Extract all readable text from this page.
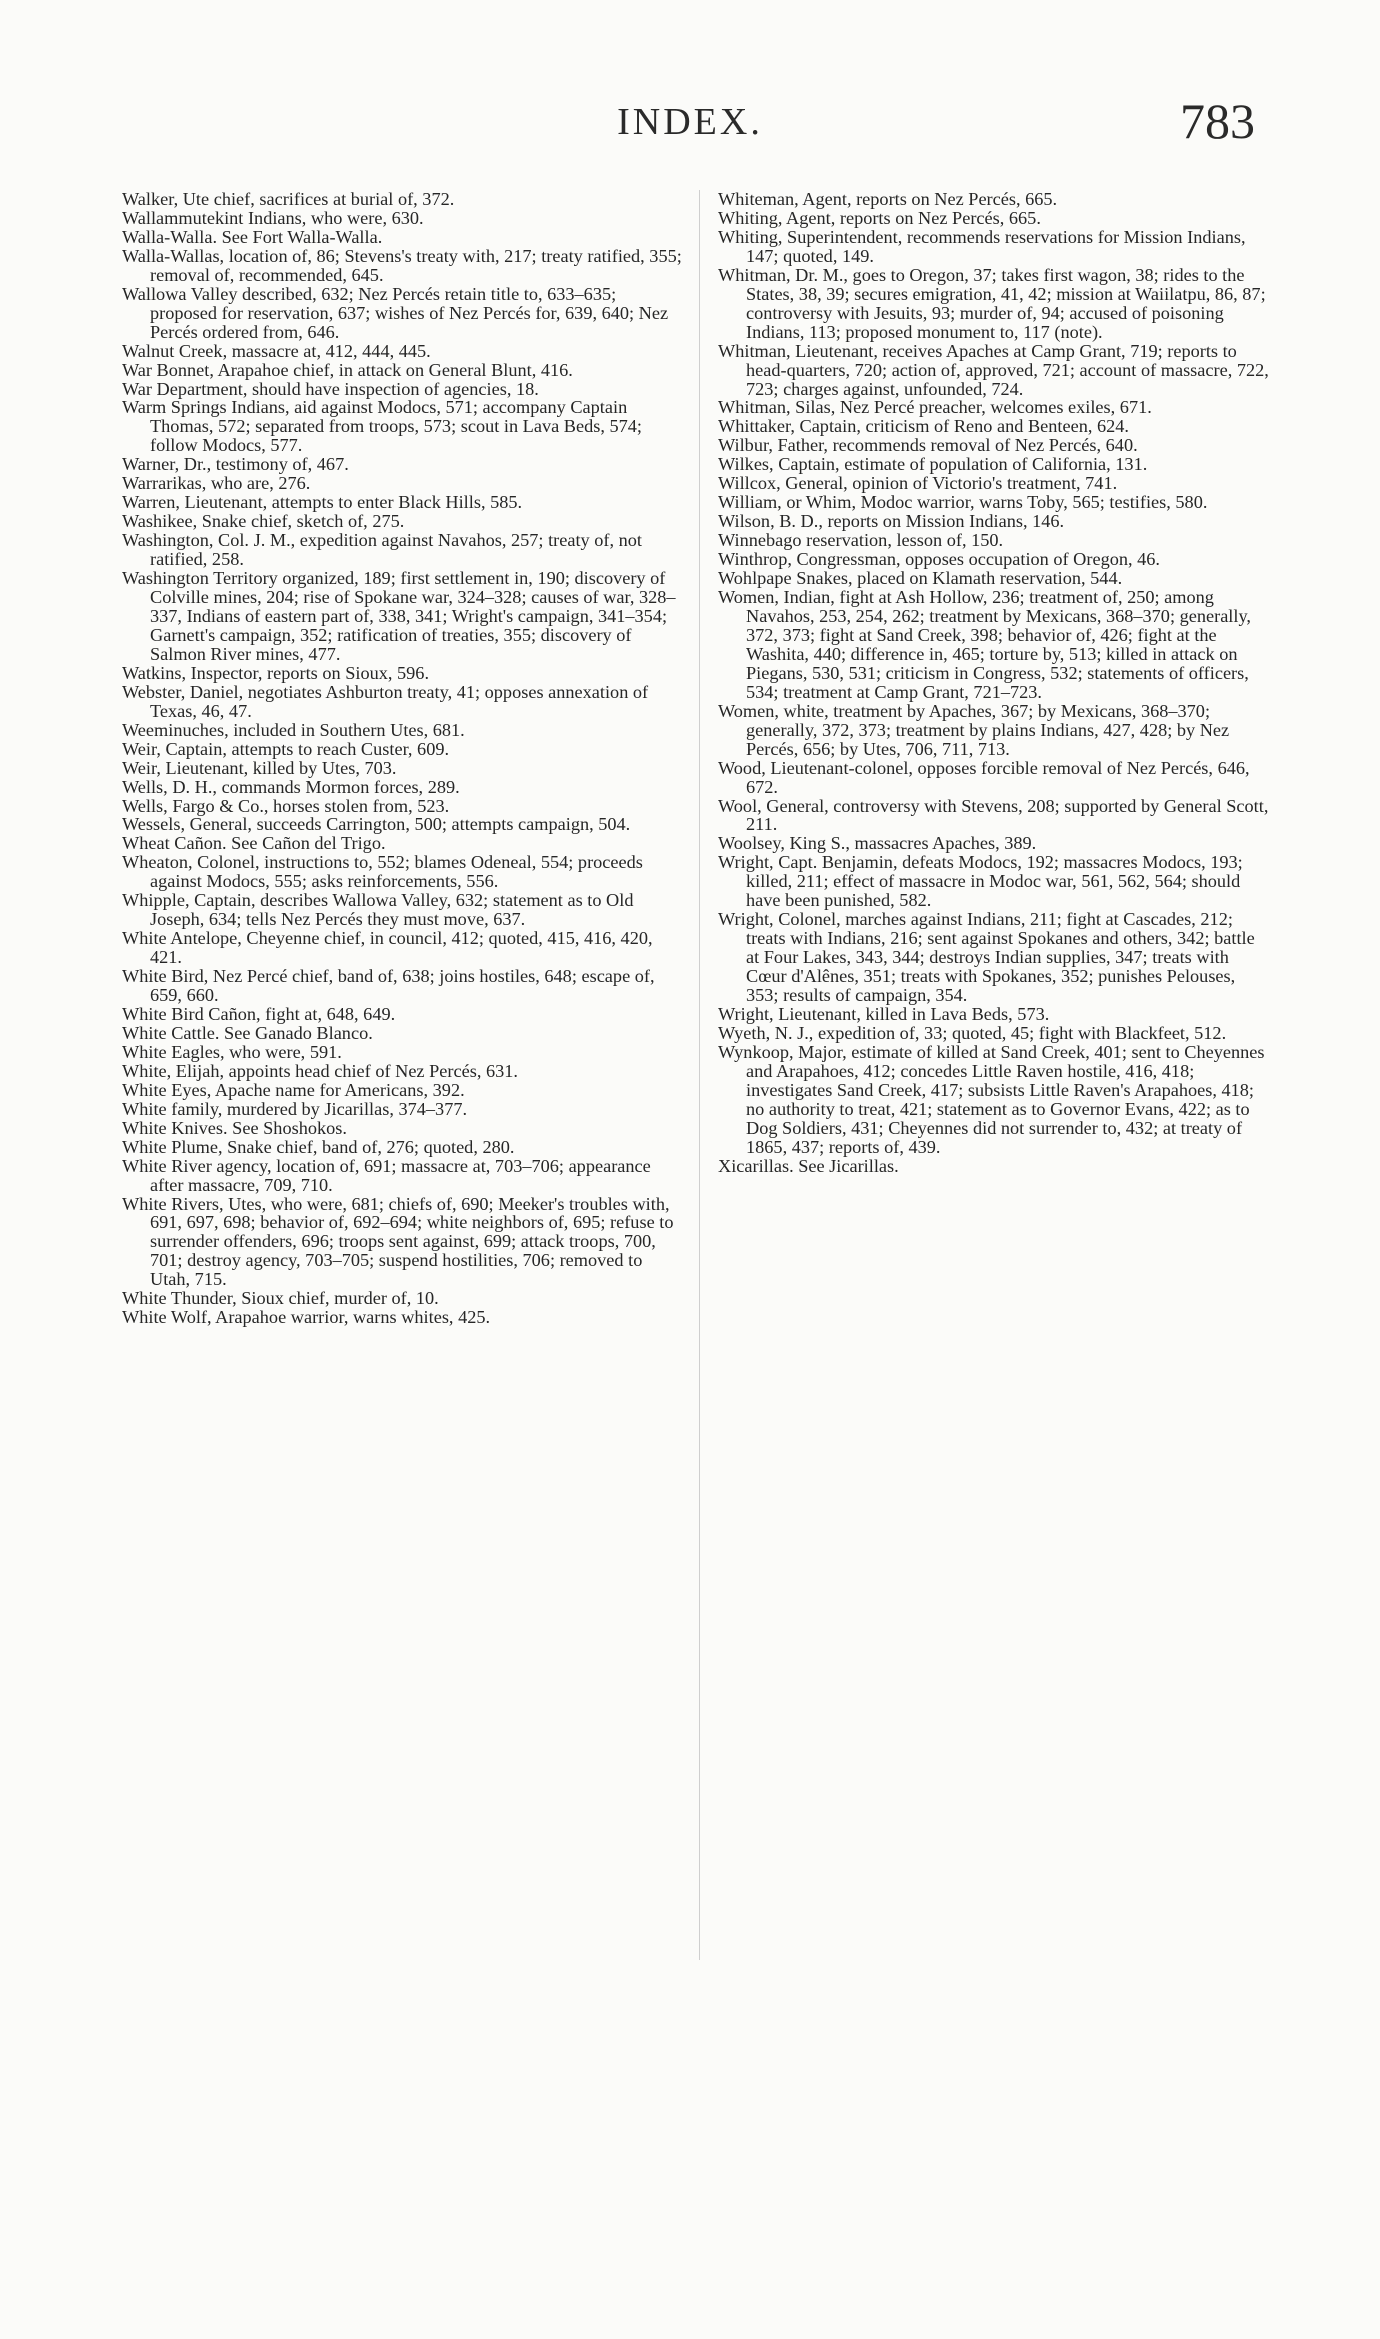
INDEX.	783

Walker, Ute chief, sacrifices at burial of, 372.

Wallammutekint Indians, who were, 630.

Walla-Walla. See Fort Walla-Walla.

Walla-Wallas, location of, 86; Stevens's treaty with, 217; treaty ratified, 355; removal of, recommended, 645.

Wallowa Valley described, 632; Nez Percés retain title to, 633–635; proposed for reservation, 637; wishes of Nez Percés for, 639, 640; Nez Percés ordered from, 646.

Walnut Creek, massacre at, 412, 444, 445.

War Bonnet, Arapahoe chief, in attack on General Blunt, 416.

War Department, should have inspection of agencies, 18.

Warm Springs Indians, aid against Modocs, 571; accompany Captain Thomas, 572; separated from troops, 573; scout in Lava Beds, 574; follow Modocs, 577.

Warner, Dr., testimony of, 467.

Warrarikas, who are, 276.

Warren, Lieutenant, attempts to enter Black Hills, 585.

Washikee, Snake chief, sketch of, 275.

Washington, Col. J. M., expedition against Navahos, 257; treaty of, not ratified, 258.

Washington Territory organized, 189; first settlement in, 190; discovery of Colville mines, 204; rise of Spokane war, 324–328; causes of war, 328–337, Indians of eastern part of, 338, 341; Wright's campaign, 341–354; Garnett's campaign, 352; ratification of treaties, 355; discovery of Salmon River mines, 477.

Watkins, Inspector, reports on Sioux, 596.

Webster, Daniel, negotiates Ashburton treaty, 41; opposes annexation of Texas, 46, 47.

Weeminuches, included in Southern Utes, 681.

Weir, Captain, attempts to reach Custer, 609.

Weir, Lieutenant, killed by Utes, 703.

Wells, D. H., commands Mormon forces, 289.

Wells, Fargo & Co., horses stolen from, 523.

Wessels, General, succeeds Carrington, 500; attempts campaign, 504.

Wheat Cañon. See Cañon del Trigo.

Wheaton, Colonel, instructions to, 552; blames Odeneal, 554; proceeds against Modocs, 555; asks reinforcements, 556.

Whipple, Captain, describes Wallowa Valley, 632; statement as to Old Joseph, 634; tells Nez Percés they must move, 637.

White Antelope, Cheyenne chief, in council, 412; quoted, 415, 416, 420, 421.

White Bird, Nez Percé chief, band of, 638; joins hostiles, 648; escape of, 659, 660.

White Bird Cañon, fight at, 648, 649.

White Cattle. See Ganado Blanco.

White Eagles, who were, 591.

White, Elijah, appoints head chief of Nez Percés, 631.

White Eyes, Apache name for Americans, 392.

White family, murdered by Jicarillas, 374–377.

White Knives. See Shoshokos.

White Plume, Snake chief, band of, 276; quoted, 280.

White River agency, location of, 691; massacre at, 703–706; appearance after massacre, 709, 710.

White Rivers, Utes, who were, 681; chiefs of, 690; Meeker's troubles with, 691, 697, 698; behavior of, 692–694; white neighbors of, 695; refuse to surrender offenders, 696; troops sent against, 699; attack troops, 700, 701; destroy agency, 703–705; suspend hostilities, 706; removed to Utah, 715.

White Thunder, Sioux chief, murder of, 10.

White Wolf, Arapahoe warrior, warns whites, 425.

Whiteman, Agent, reports on Nez Percés, 665.

Whiting, Agent, reports on Nez Percés, 665.

Whiting, Superintendent, recommends reservations for Mission Indians, 147; quoted, 149.

Whitman, Dr. M., goes to Oregon, 37; takes first wagon, 38; rides to the States, 38, 39; secures emigration, 41, 42; mission at Waiilatpu, 86, 87; controversy with Jesuits, 93; murder of, 94; accused of poisoning Indians, 113; proposed monument to, 117 (note).

Whitman, Lieutenant, receives Apaches at Camp Grant, 719; reports to head-quarters, 720; action of, approved, 721; account of massacre, 722, 723; charges against, unfounded, 724.

Whitman, Silas, Nez Percé preacher, welcomes exiles, 671.

Whittaker, Captain, criticism of Reno and Benteen, 624.

Wilbur, Father, recommends removal of Nez Percés, 640.

Wilkes, Captain, estimate of population of California, 131.

Willcox, General, opinion of Victorio's treatment, 741.

William, or Whim, Modoc warrior, warns Toby, 565; testifies, 580.

Wilson, B. D., reports on Mission Indians, 146.

Winnebago reservation, lesson of, 150.

Winthrop, Congressman, opposes occupation of Oregon, 46.

Wohlpape Snakes, placed on Klamath reservation, 544.

Women, Indian, fight at Ash Hollow, 236; treatment of, 250; among Navahos, 253, 254, 262; treatment by Mexicans, 368–370; generally, 372, 373; fight at Sand Creek, 398; behavior of, 426; fight at the Washita, 440; difference in, 465; torture by, 513; killed in attack on Piegans, 530, 531; criticism in Congress, 532; statements of officers, 534; treatment at Camp Grant, 721–723.

Women, white, treatment by Apaches, 367; by Mexicans, 368–370; generally, 372, 373; treatment by plains Indians, 427, 428; by Nez Percés, 656; by Utes, 706, 711, 713.

Wood, Lieutenant-colonel, opposes forcible removal of Nez Percés, 646, 672.

Wool, General, controversy with Stevens, 208; supported by General Scott, 211.

Woolsey, King S., massacres Apaches, 389.

Wright, Capt. Benjamin, defeats Modocs, 192; massacres Modocs, 193; killed, 211; effect of massacre in Modoc war, 561, 562, 564; should have been punished, 582.

Wright, Colonel, marches against Indians, 211; fight at Cascades, 212; treats with Indians, 216; sent against Spokanes and others, 342; battle at Four Lakes, 343, 344; destroys Indian supplies, 347; treats with Cœur d'Alênes, 351; treats with Spokanes, 352; punishes Pelouses, 353; results of campaign, 354.

Wright, Lieutenant, killed in Lava Beds, 573.

Wyeth, N. J., expedition of, 33; quoted, 45; fight with Blackfeet, 512.

Wynkoop, Major, estimate of killed at Sand Creek, 401; sent to Cheyennes and Arapahoes, 412; concedes Little Raven hostile, 416, 418; investigates Sand Creek, 417; subsists Little Raven's Arapahoes, 418; no authority to treat, 421; statement as to Governor Evans, 422; as to Dog Soldiers, 431; Cheyennes did not surrender to, 432; at treaty of 1865, 437; reports of, 439.

Xicarillas. See Jicarillas.
